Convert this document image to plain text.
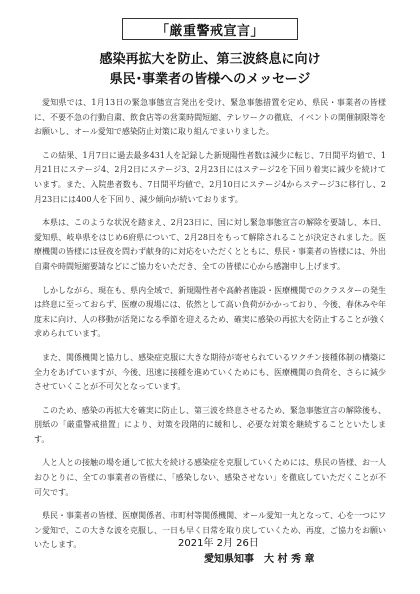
「厳重警戒宣言」
感染再拡大を防止、第三波終息に向け
県民･事業者の皆様へのメッセージ

愛知県では、1月13日の緊急事態宣言発出を受け、緊急事態措置を定め、県民・事業者の皆様に、不要不急の行動自粛、飲食店等の営業時間短縮、テレワークの徹底、イベントの開催制限等をお願いし、オール愛知で感染防止対策に取り組んでまいりました。

この結果、1月7日に過去最多431人を記録した新規陽性者数は減少に転じ、7日間平均値で、1月21日にステージ4、2月2日にステージ3、2月23日にはステージ2を下回り着実に減少を続けています。また、入院患者数も、7日間平均値で、2月10日にステージ4からステージ3に移行し、2月23日には400人を下回り、減少傾向が続いております。

本県は、このような状況を踏まえ、2月23日に、国に対し緊急事態宣言の解除を要請し、本日、愛知県、岐阜県をはじめ6府県について、2月28日をもって解除されることが決定されました。医療機関の皆様には昼夜を問わず献身的に対応をいただくとともに、県民・事業者の皆様には、外出自粛や時間短縮要請などにご協力をいただき、全ての皆様に心から感謝申し上げます。

しかしながら、現在も、県内全域で、新規陽性者や高齢者施設・医療機関でのクラスターの発生は終息に至っておらず、医療の現場には、依然として高い負荷がかかっており、今後、春休みや年度末に向け、人の移動が活発になる季節を迎えるため、確実に感染の再拡大を防止することが強く求められています。

また、関係機関と協力し、感染症克服に大きな期待が寄せられているワクチン接種体制の構築に全力をあげていますが、今後、迅速に接種を進めていくためにも、医療機関の負荷を、さらに減少させていくことが不可欠となっています。

このため、感染の再拡大を確実に防止し、第三波を終息させるため、緊急事態宣言の解除後も、別紙の「厳重警戒措置」により、対策を段階的に緩和し、必要な対策を継続することといたします。

人と人との接触の場を通して拡大を続ける感染症を克服していくためには、県民の皆様、お一人おひとりに、全ての事業者の皆様に、「感染しない、感染させない」を徹底していただくことが不可欠です。

県民・事業者の皆様、医療関係者、市町村等関係機関、オール愛知一丸となって、心を一つにワン愛知で、この大きな波を克服し、一日も早く日常を取り戻していくため、再度、ご協力をお願いいたします。	2021年 2月 26日
愛知県知事　大 村 秀 章
